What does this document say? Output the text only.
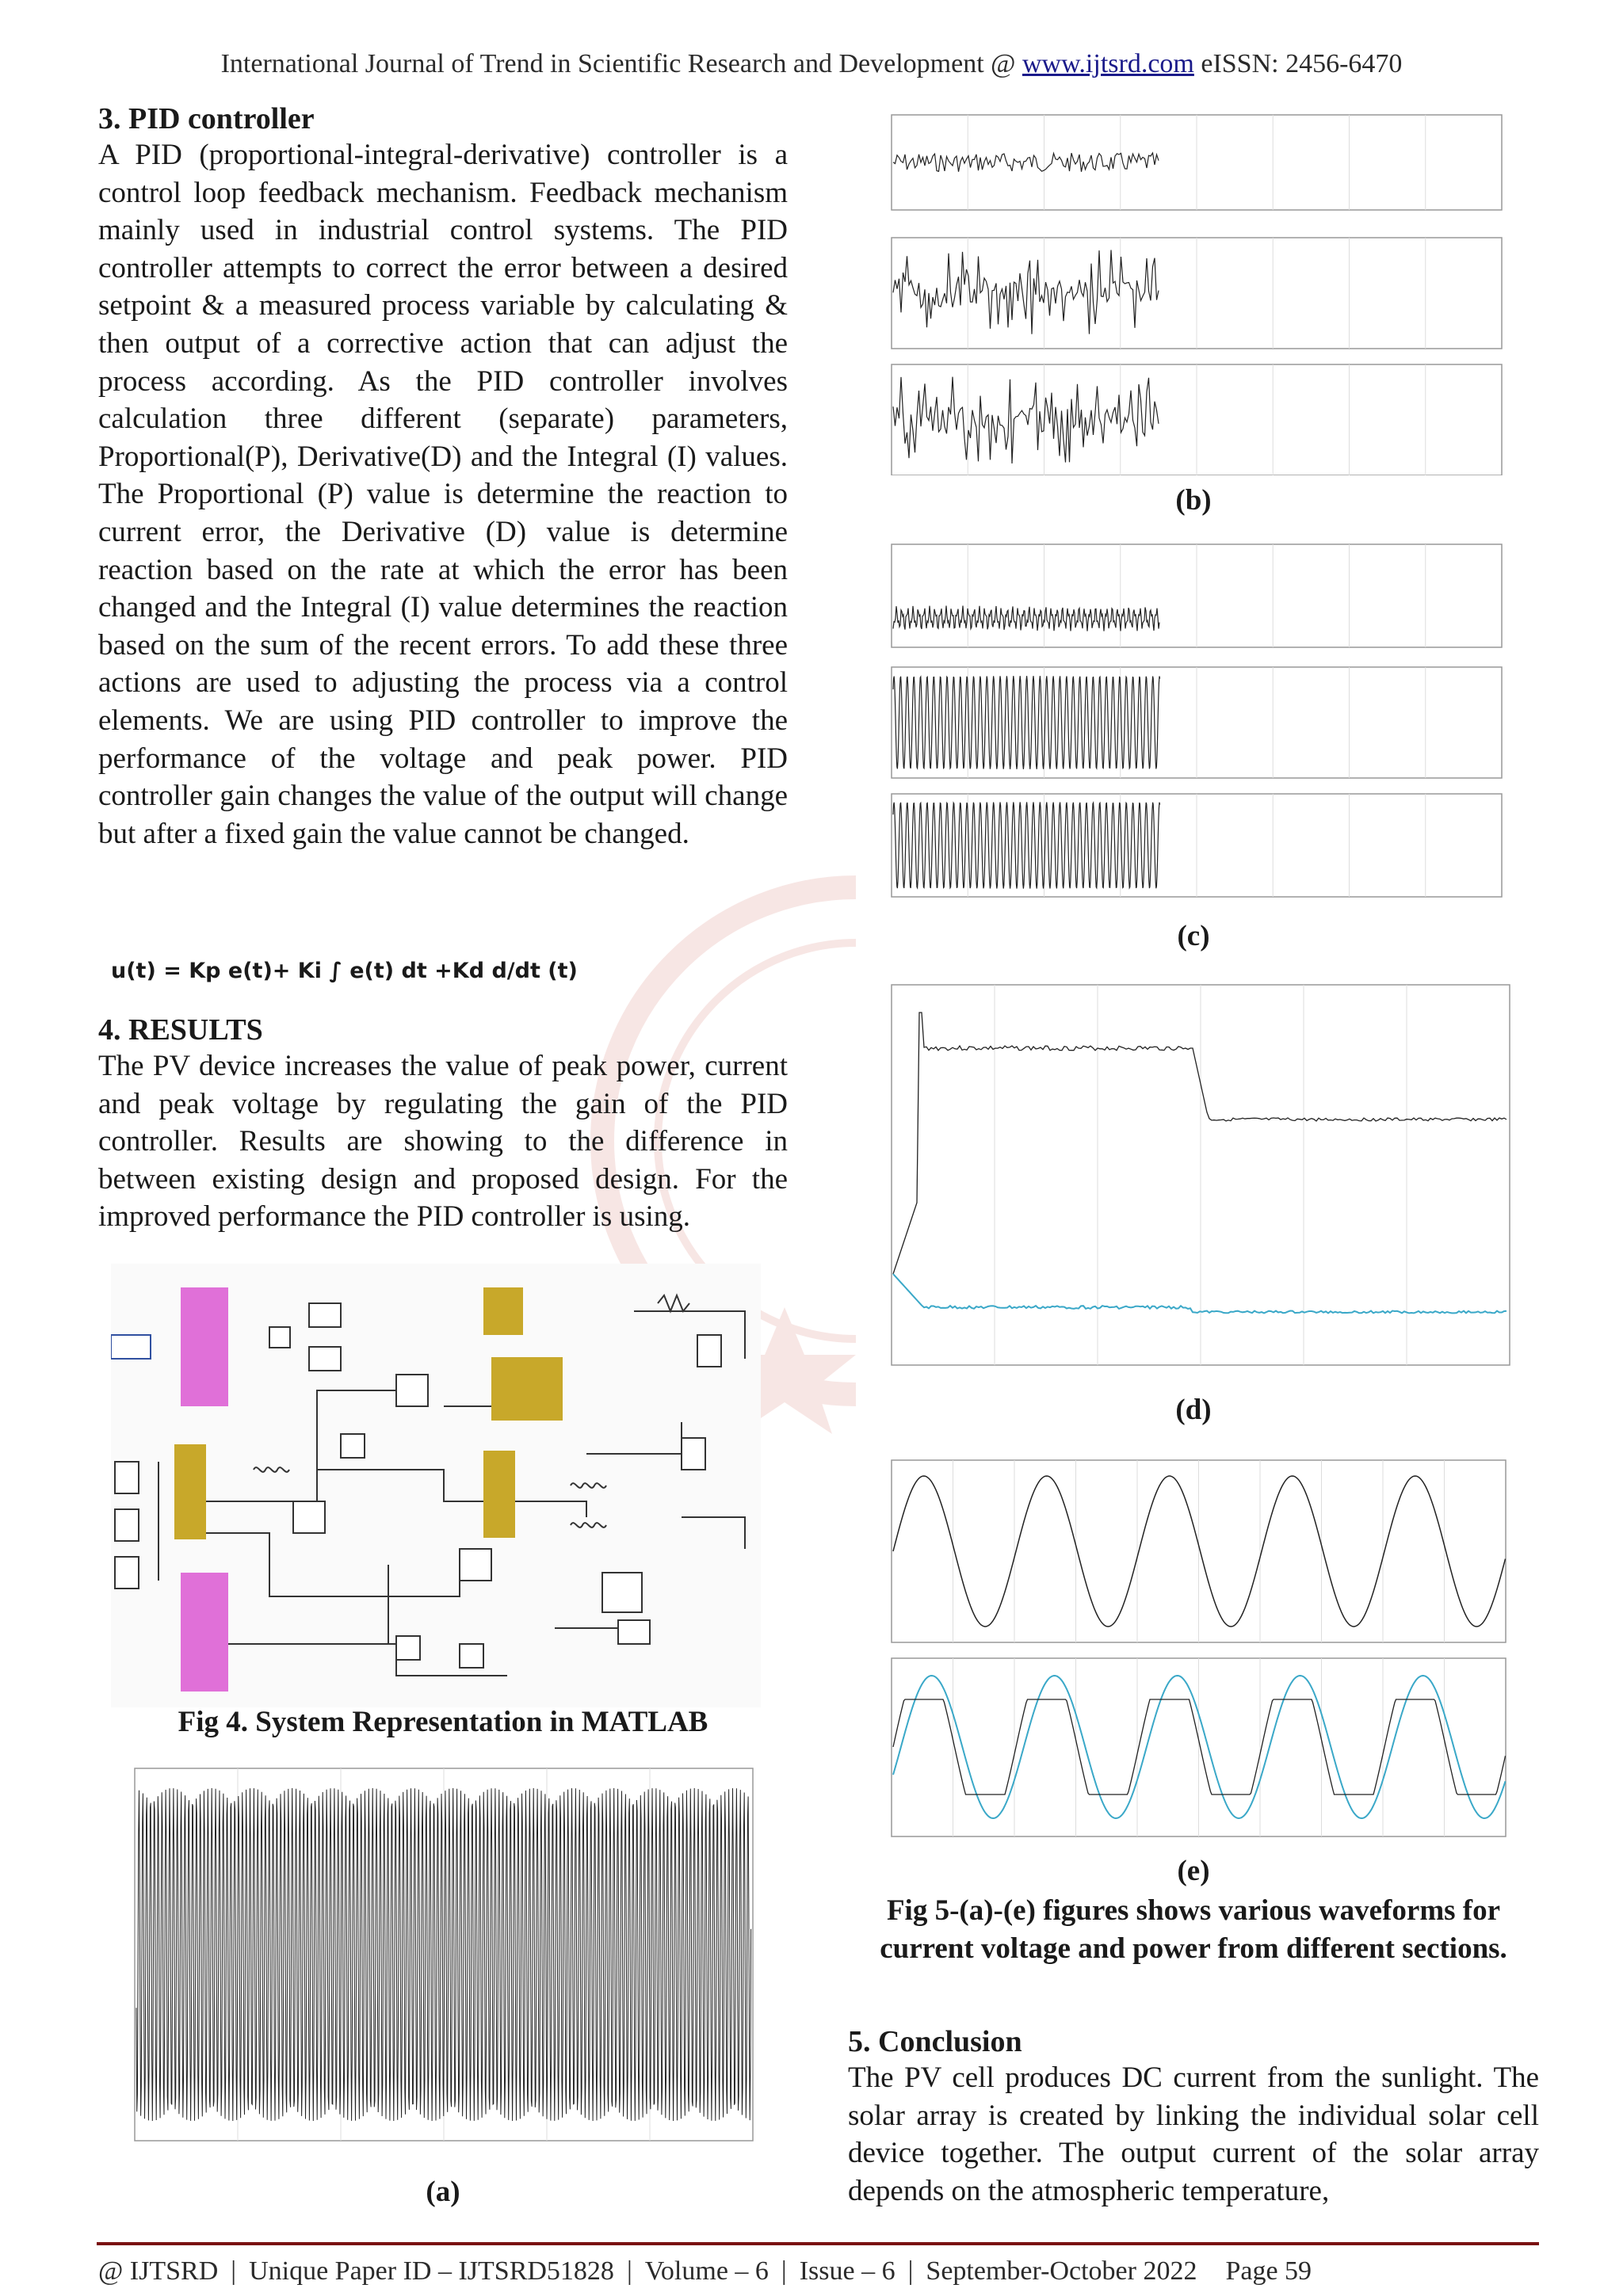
International Journal of Trend in Scientific Research and Development @ www.ijtsrd.com eISSN: 2456-6470
3. PID controller
A PID (proportional-integral-derivative) controller is a control loop feedback mechanism. Feedback mechanism mainly used in industrial control systems. The PID controller attempts to correct the error between a desired setpoint & a measured process variable by calculating & then output of a corrective action that can adjust the process according. As the PID controller involves calculation three different (separate) parameters, Proportional(P), Derivative(D) and the Integral (I) values. The Proportional (P) value is determine the reaction to current error, the Derivative (D) value is determine reaction based on the rate at which the error has been changed and the Integral (I) value determines the reaction based on the sum of the recent errors. To add these three actions are used to adjusting the process via a control elements. We are using PID controller to improve the performance of the voltage and peak power. PID controller gain changes the value of the output will change but after a fixed gain the value cannot be changed.
u(t) = Kp e(t)+ Ki ∫ e(t) dt +Kd d/dt (t)
4. RESULTS
The PV device increases the value of peak power, current and peak voltage by regulating the gain of the PID controller. Results are showing to the difference in between existing design and proposed design. For the improved performance the PID controller is using.
Fig 4. System Representation in MATLAB
(a)
(b)
(c)
(d)
(e)
Fig 5-(a)-(e) figures shows various waveforms for current voltage and power from different sections.
5. Conclusion
The PV cell produces DC current from the sunlight. The solar array is created by linking the individual solar cell device together. The output current of the solar array depends on the atmospheric temperature,
@ IJTSRD | Unique Paper ID – IJTSRD51828 | Volume – 6 | Issue – 6 | September-October 2022 Page 59
